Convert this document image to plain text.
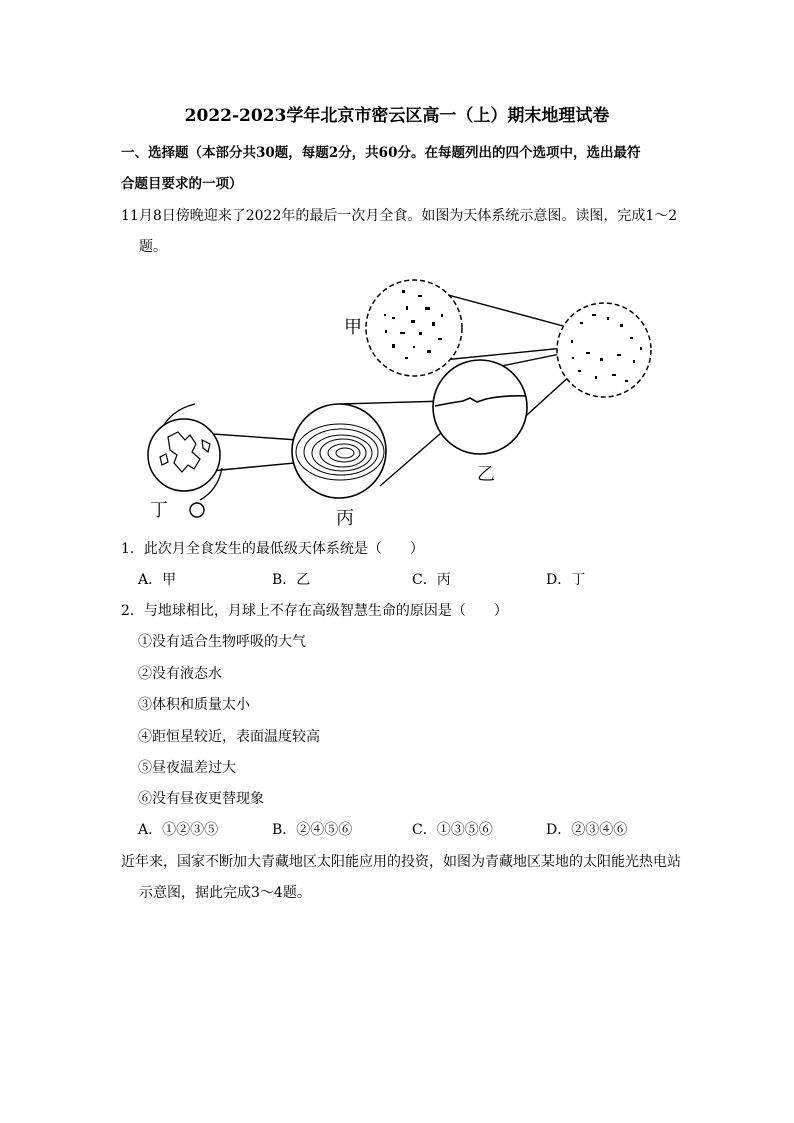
2022-2023学年北京市密云区高一（上）期末地理试卷
一、选择题（本部分共30题，每题2分，共60分。在每题列出的四个选项中，选出最符
合题目要求的一项）
11月8日傍晚迎来了2022年的最后一次月全食。如图为天体系统示意图。读图，完成1～2
题。
甲
乙
丙
丁
1．此次月全食发生的最低级天体系统是（　　）
A．甲	B．乙	C．丙	D．丁
2．与地球相比，月球上不存在高级智慧生命的原因是（　　）
①没有适合生物呼吸的大气
②没有液态水
③体积和质量太小
④距恒星较近，表面温度较高
⑤昼夜温差过大
⑥没有昼夜更替现象
A．①②③⑤	B．②④⑤⑥	C．①③⑤⑥	D．②③④⑥
近年来，国家不断加大青藏地区太阳能应用的投资，如图为青藏地区某地的太阳能光热电站
示意图，据此完成3～4题。
